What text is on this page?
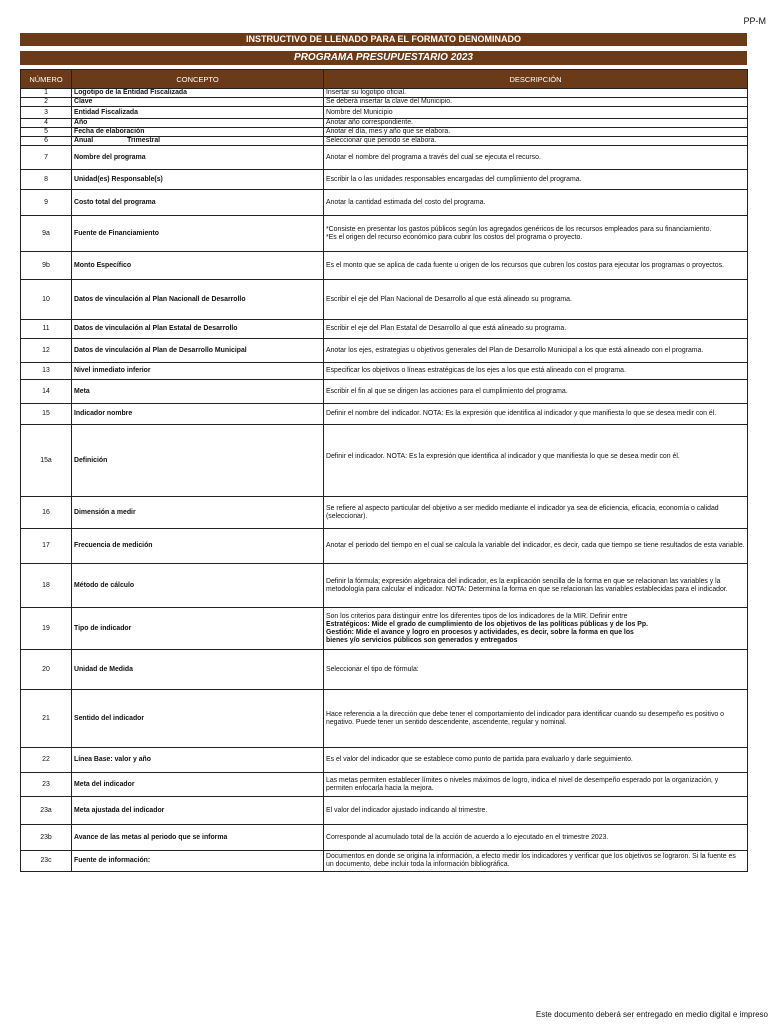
PP-M
INSTRUCTIVO DE LLENADO PARA EL FORMATO DENOMINADO
PROGRAMA PRESUPUESTARIO 2023
NÚMERO	CONCEPTO	DESCRIPCIÓN
1	Logotipo de la Entidad Fiscalizada	Insertar su logotipo oficial.
2	Clave	Se deberá insertar la clave del Municipio.
3	Entidad Fiscalizada	Nombre del Municipio
4	Año	Anotar año correspondiente.
5	Fecha de elaboración	Anotar el día, mes y año que se elabora.
6	Anual Trimestral	Seleccionar que periodo se elabora.
7	Nombre del programa	Anotar el nombre del programa a través del cual se ejecuta el recurso.
8	Unidad(es) Responsable(s)	Escribir la o las unidades responsables encargadas del cumplimiento del programa.
9	Costo total del programa	Anotar la cantidad estimada del costo del programa.
9a	Fuente de Financiamiento	*Consiste en presentar los gastos públicos según los agregados genéricos de los recursos empleados para su financiamiento.
*Es el origen del recurso económico para cubrir los costos del programa o proyecto.

9b	Monto Específico	Es el monto que se aplica de cada fuente u origen de los recursos que cubren los costos para ejecutar los programas o proyectos.
10	Datos de vinculación al Plan Nacionall de Desarrollo	Escribir el eje del Plan Nacional de Desarrollo al que está alineado su programa.
11	Datos de vinculación al Plan Estatal de Desarrollo	Escribir el eje del Plan Estatal de Desarrollo al que está alineado su programa.
12	Datos de vinculación al Plan de Desarrollo Municipal	Anotar los ejes, estrategias u objetivos generales del Plan de Desarrollo Municipal a los que está alineado con el programa.
13	Nivel inmediato inferior	Especificar los objetivos o líneas estratégicas de los ejes a los que está alineado con el programa.
14	Meta	Escribir el fin al que se dirigen las acciones para el cumplimiento del programa.
15	Indicador nombre	Definir el nombre del indicador. NOTA: Es la expresión que identifica al indicador y que manifiesta lo que se desea medir con él.
15a	Definición	Definir el indicador. NOTA: Es la expresión que identifica al indicador y que manifiesta lo que se desea medir con él.

16	Dimensión a medir	Se refiere al aspecto particular del objetivo a ser medido mediante el indicador ya sea de eficiencia, eficacia, economía o calidad (seleccionar).

17	Frecuencia de medición	Anotar el periodo del tiempo en el cual se calcula la variable del indicador, es decir, cada que tiempo se tiene resultados de esta variable.
18	Método de cálculo	Definir la fórmula; expresión algebraica del indicador, es la explicación sencilla de la forma en que se relacionan las variables y la metodología para calcular el indicador. NOTA: Determina la forma en que se relacionan las variables establecidas para el indicador.

19	Tipo de indicador	Son los criterios para distinguir entre los diferentes tipos de los indicadores de la MIR. Definir entre
Estratégicos: Mide el grado de cumplimiento de los objetivos de las políticas públicas y de los Pp.
Gestión: Mide el avance y logro en procesos y actividades, es decir, sobre la forma en que los
bienes y/o servicios públicos son generados y entregados

20	Unidad de Medida	Seleccionar el tipo de fórmula:
21	Sentido del indicador	Hace referencia a la dirección que debe tener el comportamiento del indicador para identificar cuando su desempeño es positivo o negativo. Puede tener un sentido descendente, ascendente, regular y nominal.

22	Línea Base: valor y año	Es el valor del indicador que se establece como punto de partida para evaluarlo y darle seguimiento.
23	Meta del indicador	Las metas permiten establecer límites o niveles máximos de logro, indica el nivel de desempeño esperado por la organización, y permiten enfocarla hacia la mejora.
23a	Meta ajustada del indicador	El valor del indicador ajustado indicando al trimestre.
23b	Avance de las metas al periodo que se informa	Corresponde al acumulado total de la acción de acuerdo a lo ejecutado en el trimestre 2023.
23c	Fuente de información:	Documentos en donde se origina la información, a efecto medir los indicadores y verificar que los objetivos se lograron. Si la fuente es un documento, debe incluir toda la información bibliográfica.
Este documento deberá ser entregado en medio digital e impreso
